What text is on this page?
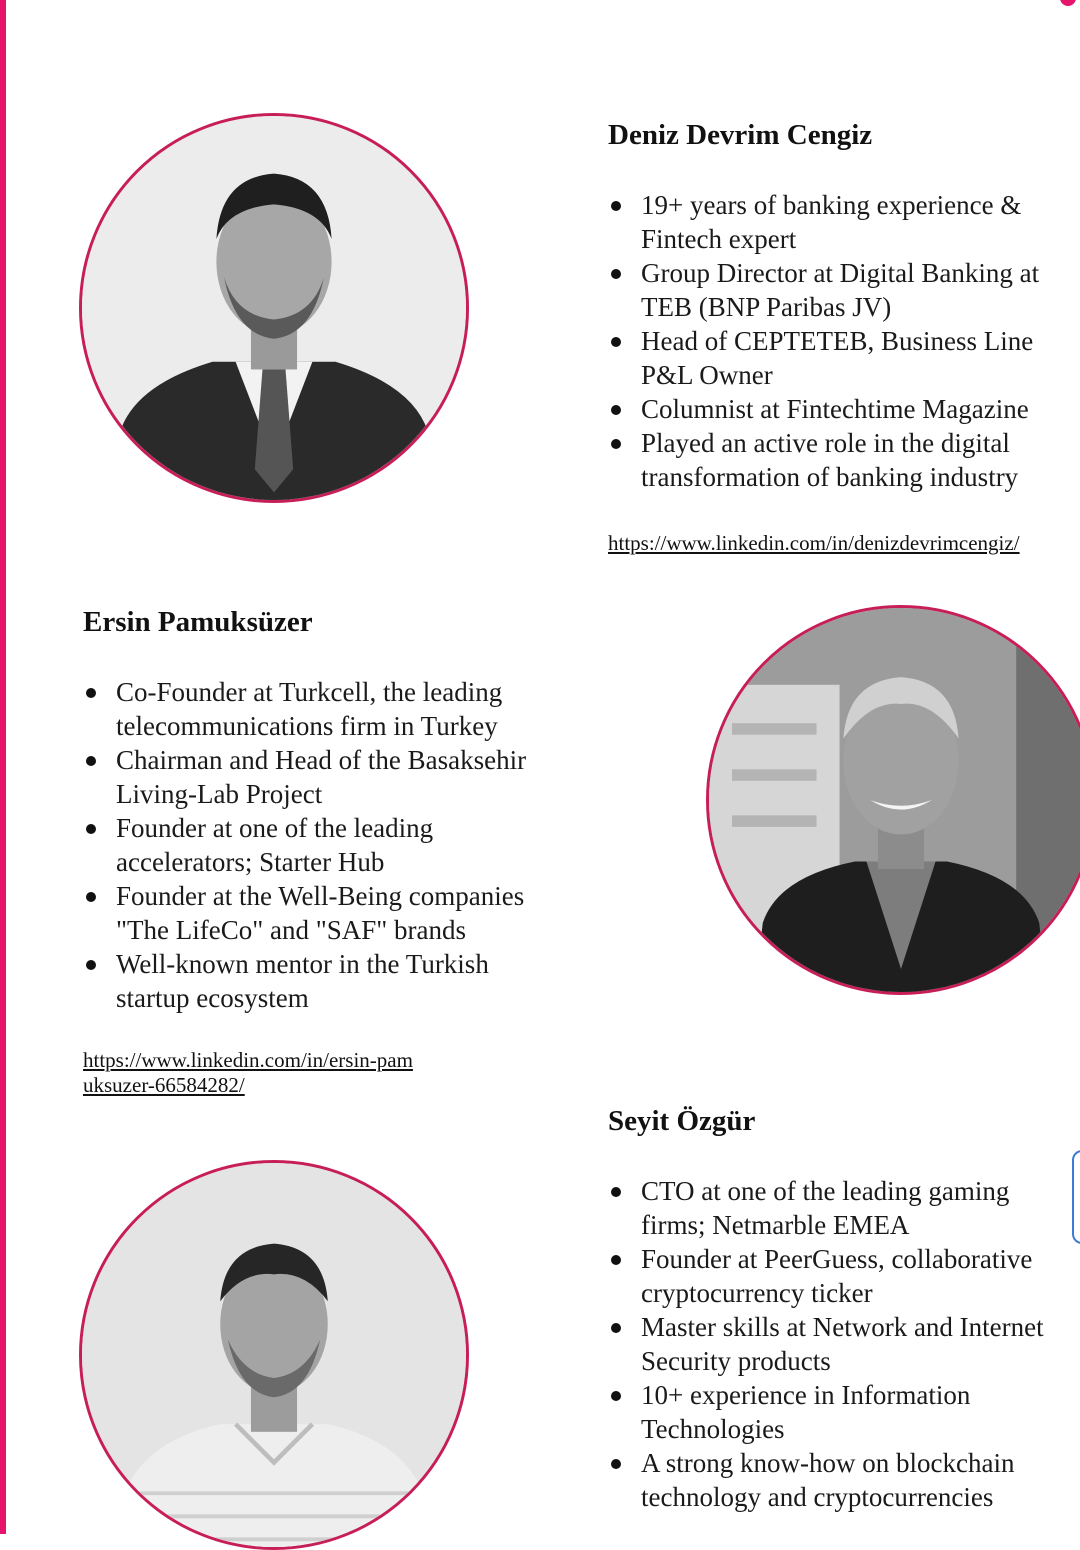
Deniz Devrim Cengiz
19+ years of banking experience & Fintech expert
Group Director at Digital Banking at TEB (BNP Paribas JV)
Head of CEPTETEB, Business Line P&L Owner
Columnist at Fintechtime Magazine
Played an active role in the digital transformation of banking industry
https://www.linkedin.com/in/denizdevrimcengiz/
Ersin Pamuksüzer
Co-Founder at Turkcell, the leading telecommunications firm in Turkey
Chairman and Head of the Basaksehir Living-Lab Project
Founder at one of the leading accelerators; Starter Hub
Founder at the Well-Being companies "The LifeCo" and "SAF" brands
Well-known mentor in the Turkish startup ecosystem
https://www.linkedin.com/in/ersin-pamuksuzer-66584282/
Seyit Özgür
CTO at one of the leading gaming firms; Netmarble EMEA
Founder at PeerGuess, collaborative cryptocurrency ticker
Master skills at Network and Internet Security products
10+ experience in Information Technologies
A strong know-how on blockchain technology and cryptocurrencies
